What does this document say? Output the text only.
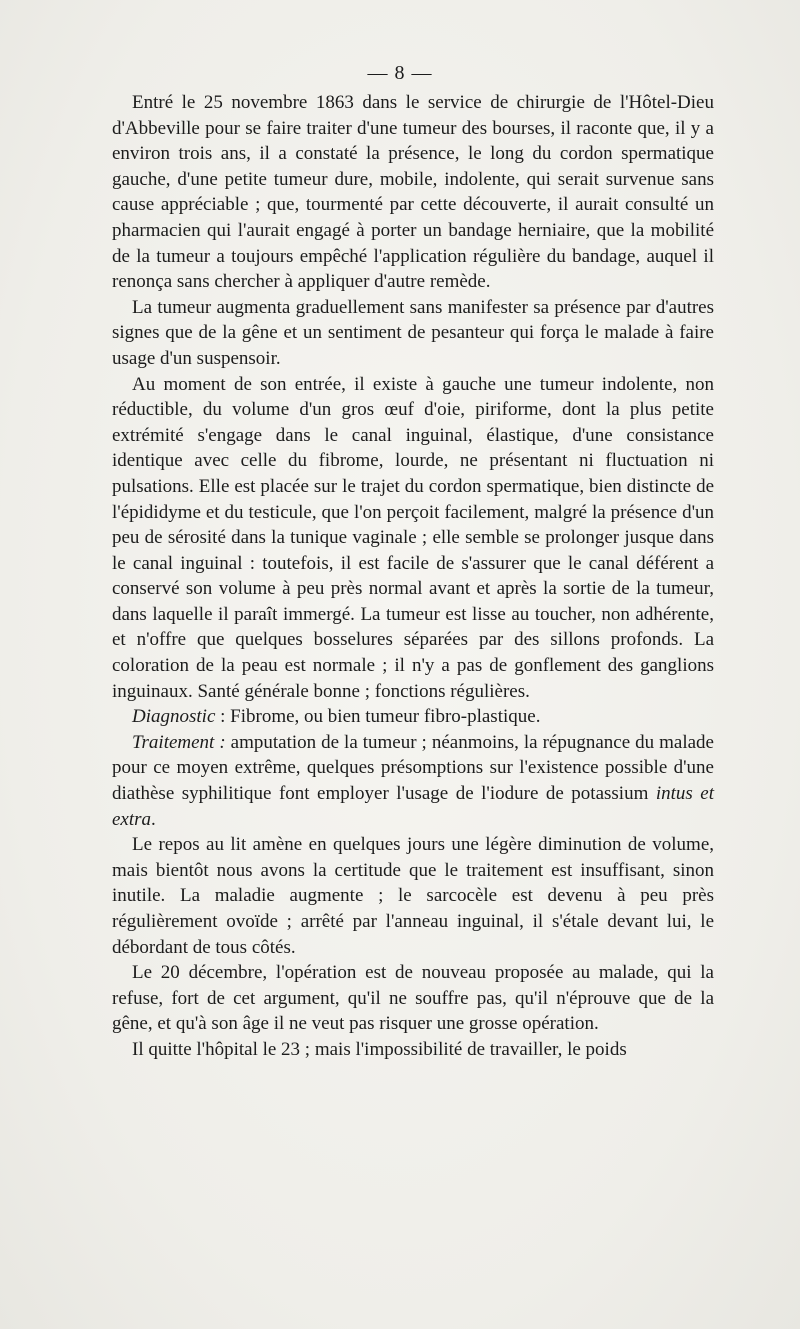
— 8 —

Entré le 25 novembre 1863 dans le service de chirurgie de l'Hôtel-Dieu d'Abbeville pour se faire traiter d'une tumeur des bourses, il raconte que, il y a environ trois ans, il a constaté la présence, le long du cordon spermatique gauche, d'une petite tumeur dure, mobile, indolente, qui serait survenue sans cause appréciable ; que, tourmenté par cette découverte, il aurait consulté un pharmacien qui l'aurait engagé à porter un bandage herniaire, que la mobilité de la tumeur a toujours empêché l'application régulière du bandage, auquel il renonça sans chercher à appliquer d'autre remède.

La tumeur augmenta graduellement sans manifester sa présence par d'autres signes que de la gêne et un sentiment de pesanteur qui força le malade à faire usage d'un suspensoir.

Au moment de son entrée, il existe à gauche une tumeur indolente, non réductible, du volume d'un gros œuf d'oie, piriforme, dont la plus petite extrémité s'engage dans le canal inguinal, élastique, d'une consistance identique avec celle du fibrome, lourde, ne présentant ni fluctuation ni pulsations. Elle est placée sur le trajet du cordon spermatique, bien distincte de l'épididyme et du testicule, que l'on perçoit facilement, malgré la présence d'un peu de sérosité dans la tunique vaginale ; elle semble se prolonger jusque dans le canal inguinal : toutefois, il est facile de s'assurer que le canal déférent a conservé son volume à peu près normal avant et après la sortie de la tumeur, dans laquelle il paraît immergé. La tumeur est lisse au toucher, non adhérente, et n'offre que quelques bosselures séparées par des sillons profonds. La coloration de la peau est normale ; il n'y a pas de gonflement des ganglions inguinaux. Santé générale bonne ; fonctions régulières.

Diagnostic : Fibrome, ou bien tumeur fibro-plastique.

Traitement : amputation de la tumeur ; néanmoins, la répugnance du malade pour ce moyen extrême, quelques présomptions sur l'existence possible d'une diathèse syphilitique font employer l'usage de l'iodure de potassium intus et extra.

Le repos au lit amène en quelques jours une légère diminution de volume, mais bientôt nous avons la certitude que le traitement est insuffisant, sinon inutile. La maladie augmente ; le sarcocèle est devenu à peu près régulièrement ovoïde ; arrêté par l'anneau inguinal, il s'étale devant lui, le débordant de tous côtés.

Le 20 décembre, l'opération est de nouveau proposée au malade, qui la refuse, fort de cet argument, qu'il ne souffre pas, qu'il n'éprouve que de la gêne, et qu'à son âge il ne veut pas risquer une grosse opération.

Il quitte l'hôpital le 23 ; mais l'impossibilité de travailler, le poids
